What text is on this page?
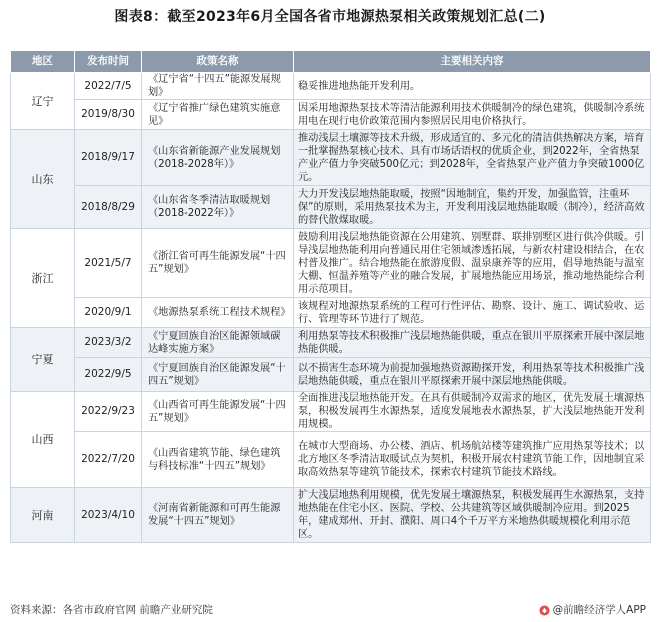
图表8：截至2023年6月全国各省市地源热泵相关政策规划汇总(二)
地区	发布时间	政策名称	主要相关内容
辽宁	2022/7/5	《辽宁省“十四五”能源发展规划》	稳妥推进地热能开发利用。
	2019/8/30	《辽宁省推广绿色建筑实施意见》	因采用地源热泵技术等清洁能源利用技术供暖制冷的绿色建筑，供暖制冷系统用电在现行电价政策范围内参照居民用电价格执行。
山东	2018/9/17	《山东省新能源产业发展规划（2018-2028年）》	推动浅层土壤源等技术升级，形成适宜的、多元化的清洁供热解决方案，培育一批掌握热泵核心技术、具有市场话语权的优质企业，到2022年，全省热泵产业产值力争突破500亿元；到2028年，全省热泵产业产值力争突破1000亿元。
	2018/8/29	《山东省冬季清洁取暖规划（2018-2022年）》	大力开发浅层地热能取暖，按照“因地制宜，集约开发，加强监管，注重环保”的原则，采用热泵技术为主，开发利用浅层地热能取暖（制冷），经济高效的替代散煤取暖。
浙江	2021/5/7	《浙江省可再生能源发展“十四五”规划》	鼓励利用浅层地热能资源在公用建筑、别墅群、联排别墅区进行供冷供暖。引导浅层地热能利用向普通民用住宅领域渗透拓展，与新农村建设相结合，在农村普及推广。结合地热能在旅游度假、温泉康养等的应用，倡导地热能与温室大棚、恒温养殖等产业的融合发展，扩展地热能应用场景，推动地热能综合利用示范项目。
	2020/9/1	《地源热泵系统工程技术规程》	该规程对地源热泵系统的工程可行性评估、勘察、设计、施工、调试验收、运行、管理等环节进行了规范。
宁夏	2023/3/2	《宁夏回族自治区能源领域碳达峰实施方案》	利用热泵等技术积极推广浅层地热能供暖，重点在银川平原探索开展中深层地热能供暖。
	2022/9/5	《宁夏回族自治区能源发展“十四五”规划》	以不损害生态环境为前提加强地热资源勘探开发，利用热泵等技术积极推广浅层地热能供暖，重点在银川平原探索开展中深层地热能供暖。
山西	2022/9/23	《山西省可再生能源发展“十四五”规划》	全面推进浅层地热能开发。在具有供暖制冷双需求的地区，优先发展土壤源热泵，积极发展再生水源热泵，适度发展地表水源热泵，扩大浅层地热能开发利用规模。
	2022/7/20	《山西省建筑节能、绿色建筑与科技标准“十四五”规划》	在城市大型商场、办公楼、酒店、机场航站楼等建筑推广应用热泵等技术；以北方地区冬季清洁取暖试点为契机，积极开展农村建筑节能工作，因地制宜采取高效热泵等建筑节能技术，探索农村建筑节能技术路线。
河南	2023/4/10	《河南省新能源和可再生能源发展“十四五”规划》	扩大浅层地热利用规模，优先发展土壤源热泵，积极发展再生水源热泵，支持地热能在住宅小区、医院、学校、公共建筑等区域供暖制冷应用。到2025年，建成郑州、开封、濮阳、周口4个千万平方米地热供暖规模化利用示范区。
资料来源：各省市政府官网 前瞻产业研究院	@前瞻经济学人APP
